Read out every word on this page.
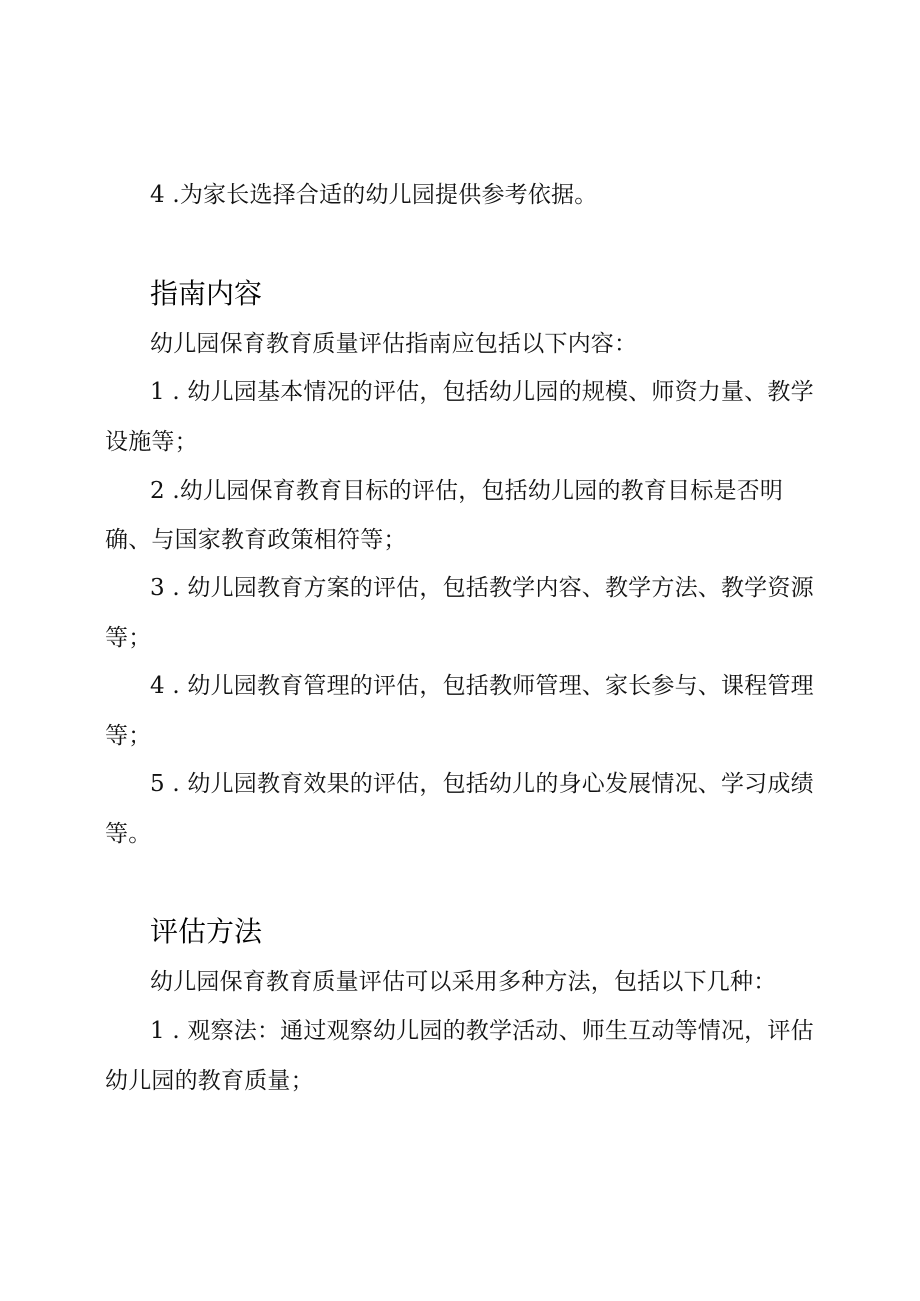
4 .为家长选择合适的幼儿园提供参考依据。
指南内容
幼儿园保育教育质量评估指南应包括以下内容：
1 . 幼儿园基本情况的评估，包括幼儿园的规模、师资力量、教学
设施等；
2 .幼儿园保育教育目标的评估，包括幼儿园的教育目标是否明
确、与国家教育政策相符等；
3 . 幼儿园教育方案的评估，包括教学内容、教学方法、教学资源
等；
4 . 幼儿园教育管理的评估，包括教师管理、家长参与、课程管理
等；
5 . 幼儿园教育效果的评估，包括幼儿的身心发展情况、学习成绩
等。
评估方法
幼儿园保育教育质量评估可以采用多种方法，包括以下几种：
1 . 观察法：通过观察幼儿园的教学活动、师生互动等情况，评估
幼儿园的教育质量；
